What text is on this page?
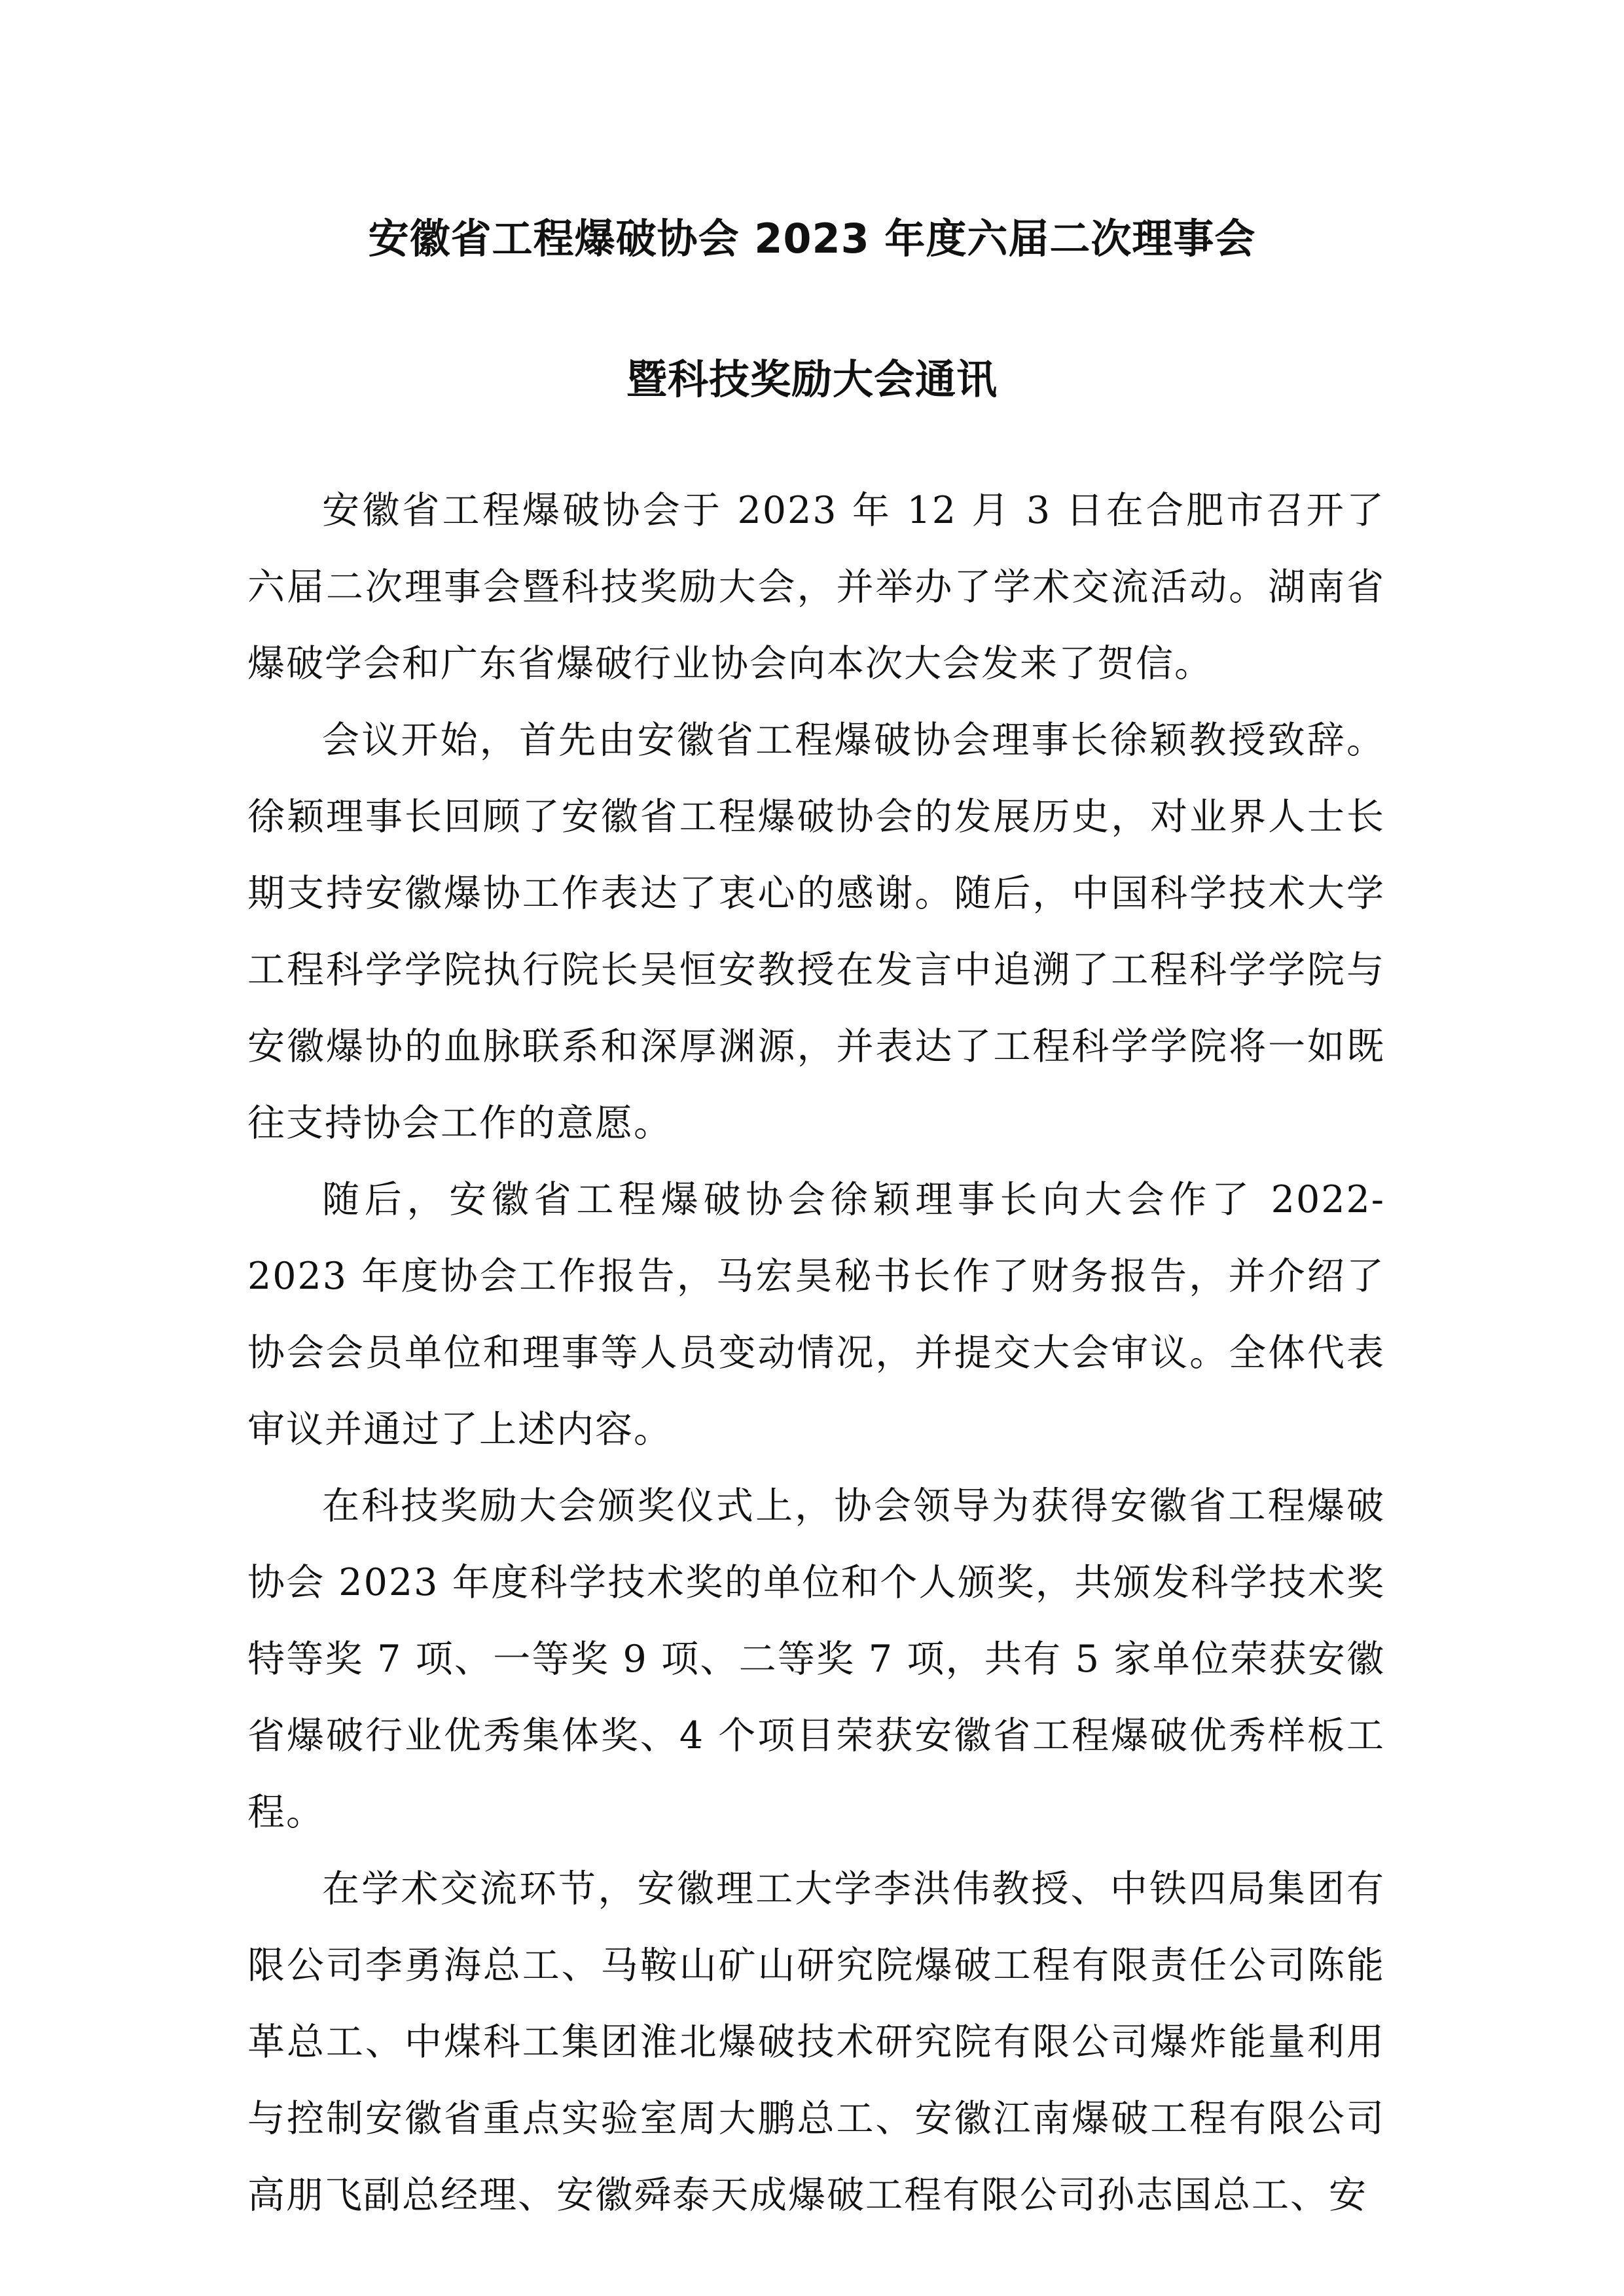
安徽省工程爆破协会 2023 年度六届二次理事会
暨科技奖励大会通讯

安徽省工程爆破协会于 2023 年 12 月 3 日在合肥市召开了六届二次理事会暨科技奖励大会，并举办了学术交流活动。湖南省爆破学会和广东省爆破行业协会向本次大会发来了贺信。

会议开始，首先由安徽省工程爆破协会理事长徐颖教授致辞。徐颖理事长回顾了安徽省工程爆破协会的发展历史，对业界人士长期支持安徽爆协工作表达了衷心的感谢。随后，中国科学技术大学工程科学学院执行院长吴恒安教授在发言中追溯了工程科学学院与安徽爆协的血脉联系和深厚渊源，并表达了工程科学学院将一如既往支持协会工作的意愿。

随后，安徽省工程爆破协会徐颖理事长向大会作了 2022-2023 年度协会工作报告，马宏昊秘书长作了财务报告，并介绍了协会会员单位和理事等人员变动情况，并提交大会审议。全体代表审议并通过了上述内容。

在科技奖励大会颁奖仪式上，协会领导为获得安徽省工程爆破协会 2023 年度科学技术奖的单位和个人颁奖，共颁发科学技术奖特等奖 7 项、一等奖 9 项、二等奖 7 项，共有 5 家单位荣获安徽省爆破行业优秀集体奖、4 个项目荣获安徽省工程爆破优秀样板工程。

在学术交流环节，安徽理工大学李洪伟教授、中铁四局集团有限公司李勇海总工、马鞍山矿山研究院爆破工程有限责任公司陈能革总工、中煤科工集团淮北爆破技术研究院有限公司爆炸能量利用与控制安徽省重点实验室周大鹏总工、安徽江南爆破工程有限公司高朋飞副总经理、安徽舜泰天成爆破工程有限公司孙志国总工、安
